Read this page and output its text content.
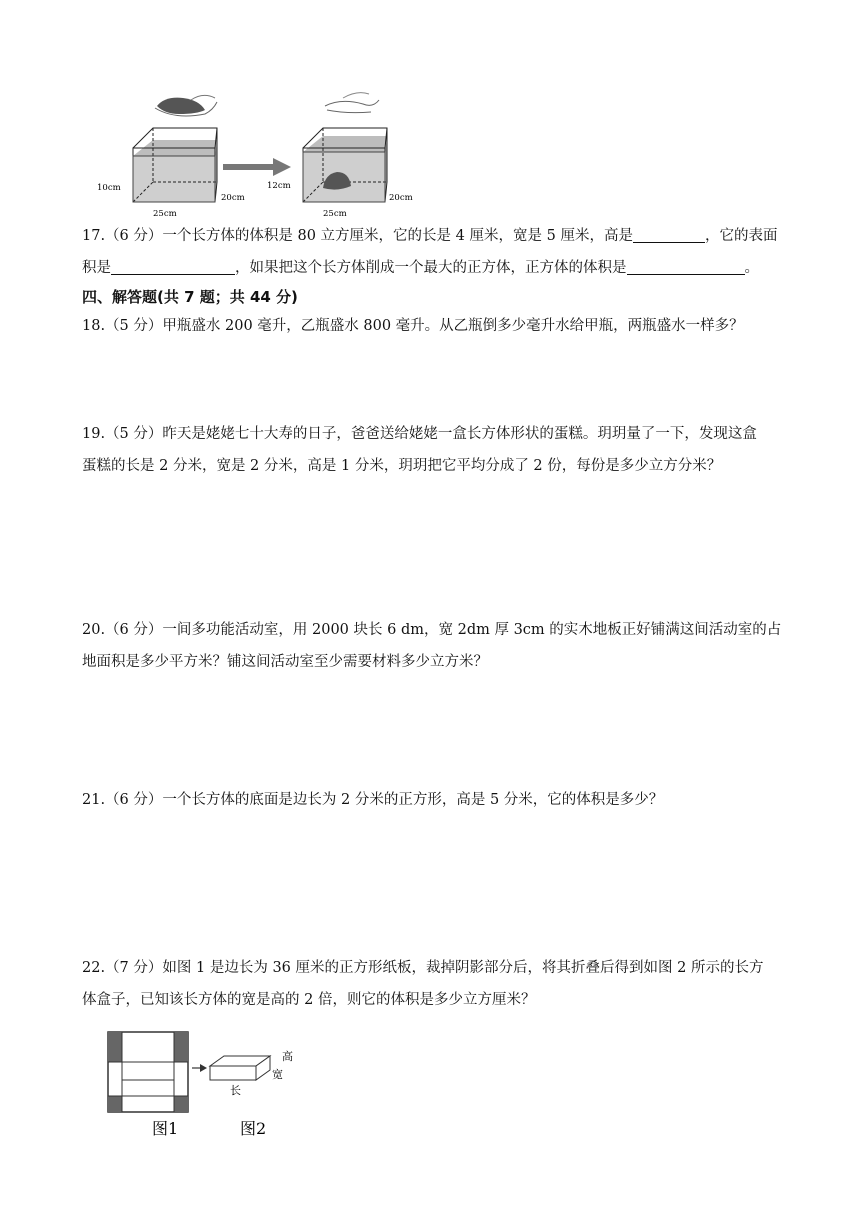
10cm
20cm
25cm
12cm
20cm
25cm
17.（6 分）一个长方体的体积是 80 立方厘米，它的长是 4 厘米，宽是 5 厘米，高是	，它的表面
积是	，如果把这个长方体削成一个最大的正方体，正方体的体积是	。
四、解答题(共 7 题；共 44 分)
18.（5 分）甲瓶盛水 200 毫升，乙瓶盛水 800 毫升。从乙瓶倒多少毫升水给甲瓶，两瓶盛水一样多？
19.（5 分）昨天是姥姥七十大寿的日子，爸爸送给姥姥一盒长方体形状的蛋糕。玥玥量了一下，发现这盒
蛋糕的长是 2 分米，宽是 2 分米，高是 1 分米，玥玥把它平均分成了 2 份，每份是多少立方分米？
20.（6 分）一间多功能活动室，用 2000 块长 6 dm，宽 2dm 厚 3cm 的实木地板正好铺满这间活动室的占
地面积是多少平方米？铺这间活动室至少需要材料多少立方米？
21.（6 分）一个长方体的底面是边长为 2 分米的正方形，高是 5 分米，它的体积是多少？
22.（7 分）如图 1 是边长为 36 厘米的正方形纸板，裁掉阴影部分后，将其折叠后得到如图 2 所示的长方
体盒子，已知该长方体的宽是高的 2 倍，则它的体积是多少立方厘米？
高
宽
长
图1	图2
